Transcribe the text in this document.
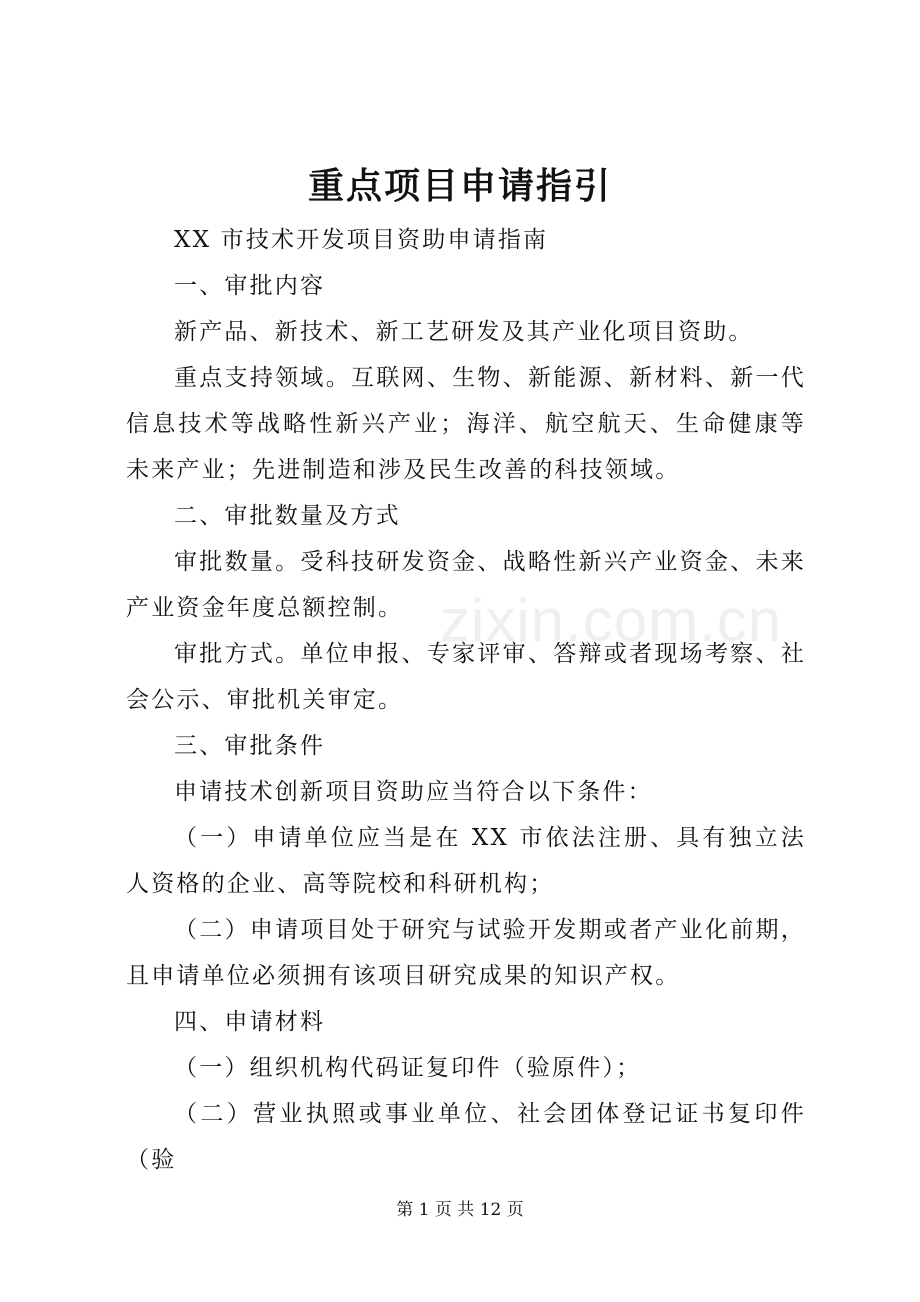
重点项目申请指引

XX 市技术开发项目资助申请指南

一、审批内容

新产品、新技术、新工艺研发及其产业化项目资助。

重点支持领域。互联网、生物、新能源、新材料、新一代信息技术等战略性新兴产业；海洋、航空航天、生命健康等未来产业；先进制造和涉及民生改善的科技领域。

二、审批数量及方式

审批数量。受科技研发资金、战略性新兴产业资金、未来产业资金年度总额控制。

审批方式。单位申报、专家评审、答辩或者现场考察、社会公示、审批机关审定。

三、审批条件

申请技术创新项目资助应当符合以下条件：

（一）申请单位应当是在 XX 市依法注册、具有独立法人资格的企业、高等院校和科研机构；

（二）申请项目处于研究与试验开发期或者产业化前期，且申请单位必须拥有该项目研究成果的知识产权。

四、申请材料

（一）组织机构代码证复印件（验原件）；

（二）营业执照或事业单位、社会团体登记证书复印件（验

zixin.com.cn
第 1 页 共 12 页
